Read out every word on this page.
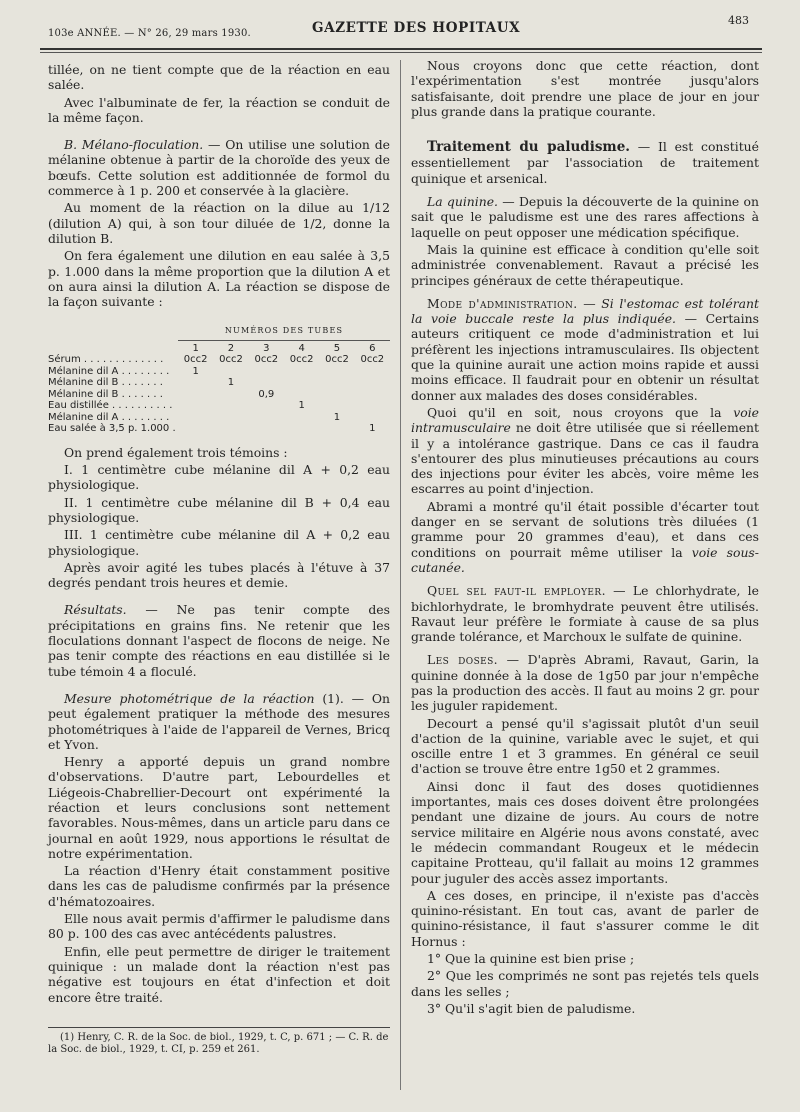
103e ANNÉE. — N° 26, 29 mars 1930.	GAZETTE DES HOPITAUX	483

tillée, on ne tient compte que de la réaction en eau salée.

Avec l'albuminate de fer, la réaction se conduit de la même façon.

B. Mélano-floculation. — On utilise une solution de mélanine obtenue à partir de la choroïde des yeux de bœufs. Cette solution est additionnée de formol du commerce à 1 p. 200 et conservée à la glacière.

Au moment de la réaction on la dilue au 1/12 (dilution A) qui, à son tour diluée de 1/2, donne la dilution B.

On fera également une dilution en eau salée à 3,5 p. 1.000 dans la même proportion que la dilution A et on aura ainsi la dilution A. La réaction se dispose de la façon suivante :

NUMÉROS DES TUBES
	1	2	3	4	5	6
Sérum . . . . . . . . . . . . .	0cc2	0cc2	0cc2	0cc2	0cc2	0cc2
Mélanine dil A . . . . . . . .	1					
Mélanine dil B . . . . . . .		1				
Mélanine dil B . . . . . . .			0,9			
Eau distillée . . . . . . . . . .				1		
Mélanine dil A . . . . . . . .					1	
Eau salée à 3,5 p. 1.000 .						1

On prend également trois témoins :

I. 1 centimètre cube mélanine dil A + 0,2 eau physiologique.

II. 1 centimètre cube mélanine dil B + 0,4 eau physiologique.

III. 1 centimètre cube mélanine dil A + 0,2 eau physiologique.

Après avoir agité les tubes placés à l'étuve à 37 degrés pendant trois heures et demie.

Résultats. — Ne pas tenir compte des précipitations en grains fins. Ne retenir que les floculations donnant l'aspect de flocons de neige. Ne pas tenir compte des réactions en eau distillée si le tube témoin 4 a floculé.

Mesure photométrique de la réaction (1). — On peut également pratiquer la méthode des mesures photométriques à l'aide de l'appareil de Vernes, Bricq et Yvon.

Henry a apporté depuis un grand nombre d'observations. D'autre part, Lebourdelles et Liégeois-Chabrellier-Decourt ont expérimenté la réaction et leurs conclusions sont nettement favorables. Nous-mêmes, dans un article paru dans ce journal en août 1929, nous apportions le résultat de notre expérimentation.

La réaction d'Henry était constamment positive dans les cas de paludisme confirmés par la présence d'hématozoaires.

Elle nous avait permis d'affirmer le paludisme dans 80 p. 100 des cas avec antécédents palustres.

Enfin, elle peut permettre de diriger le traitement quinique : un malade dont la réaction n'est pas négative est toujours en état d'infection et doit encore être traité.

(1) Henry, C. R. de la Soc. de biol., 1929, t. C, p. 671 ; — C. R. de la Soc. de biol., 1929, t. CI, p. 259 et 261.

Nous croyons donc que cette réaction, dont l'expérimentation s'est montrée jusqu'alors satisfaisante, doit prendre une place de jour en jour plus grande dans la pratique courante.

Traitement du paludisme. — Il est constitué essentiellement par l'association de traitement quinique et arsenical.

La quinine. — Depuis la découverte de la quinine on sait que le paludisme est une des rares affections à laquelle on peut opposer une médication spécifique.

Mais la quinine est efficace à condition qu'elle soit administrée convenablement. Ravaut a précisé les principes généraux de cette thérapeutique.

Mode d'administration. — Si l'estomac est tolérant la voie buccale reste la plus indiquée. — Certains auteurs critiquent ce mode d'administration et lui préfèrent les injections intramusculaires. Ils objectent que la quinine aurait une action moins rapide et aussi moins efficace. Il faudrait pour en obtenir un résultat donner aux malades des doses considérables.

Quoi qu'il en soit, nous croyons que la voie intramusculaire ne doit être utilisée que si réellement il y a intolérance gastrique. Dans ce cas il faudra s'entourer des plus minutieuses précautions au cours des injections pour éviter les abcès, voire même les escarres au point d'injection.

Abrami a montré qu'il était possible d'écarter tout danger en se servant de solutions très diluées (1 gramme pour 20 grammes d'eau), et dans ces conditions on pourrait même utiliser la voie sous-cutanée.

Quel sel faut-il employer. — Le chlorhydrate, le bichlorhydrate, le bromhydrate peuvent être utilisés. Ravaut leur préfère le formiate à cause de sa plus grande tolérance, et Marchoux le sulfate de quinine.

Les doses. — D'après Abrami, Ravaut, Garin, la quinine donnée à la dose de 1g50 par jour n'empêche pas la production des accès. Il faut au moins 2 gr. pour les juguler rapidement.

Decourt a pensé qu'il s'agissait plutôt d'un seuil d'action de la quinine, variable avec le sujet, et qui oscille entre 1 et 3 grammes. En général ce seuil d'action se trouve être entre 1g50 et 2 grammes.

Ainsi donc il faut des doses quotidiennes importantes, mais ces doses doivent être prolongées pendant une dizaine de jours. Au cours de notre service militaire en Algérie nous avons constaté, avec le médecin commandant Rougeux et le médecin capitaine Protteau, qu'il fallait au moins 12 grammes pour juguler des accès assez importants.

A ces doses, en principe, il n'existe pas d'accès quinino-résistant. En tout cas, avant de parler de quinino-résistance, il faut s'assurer comme le dit Hornus :

1° Que la quinine est bien prise ;

2° Que les comprimés ne sont pas rejetés tels quels dans les selles ;

3° Qu'il s'agit bien de paludisme.
